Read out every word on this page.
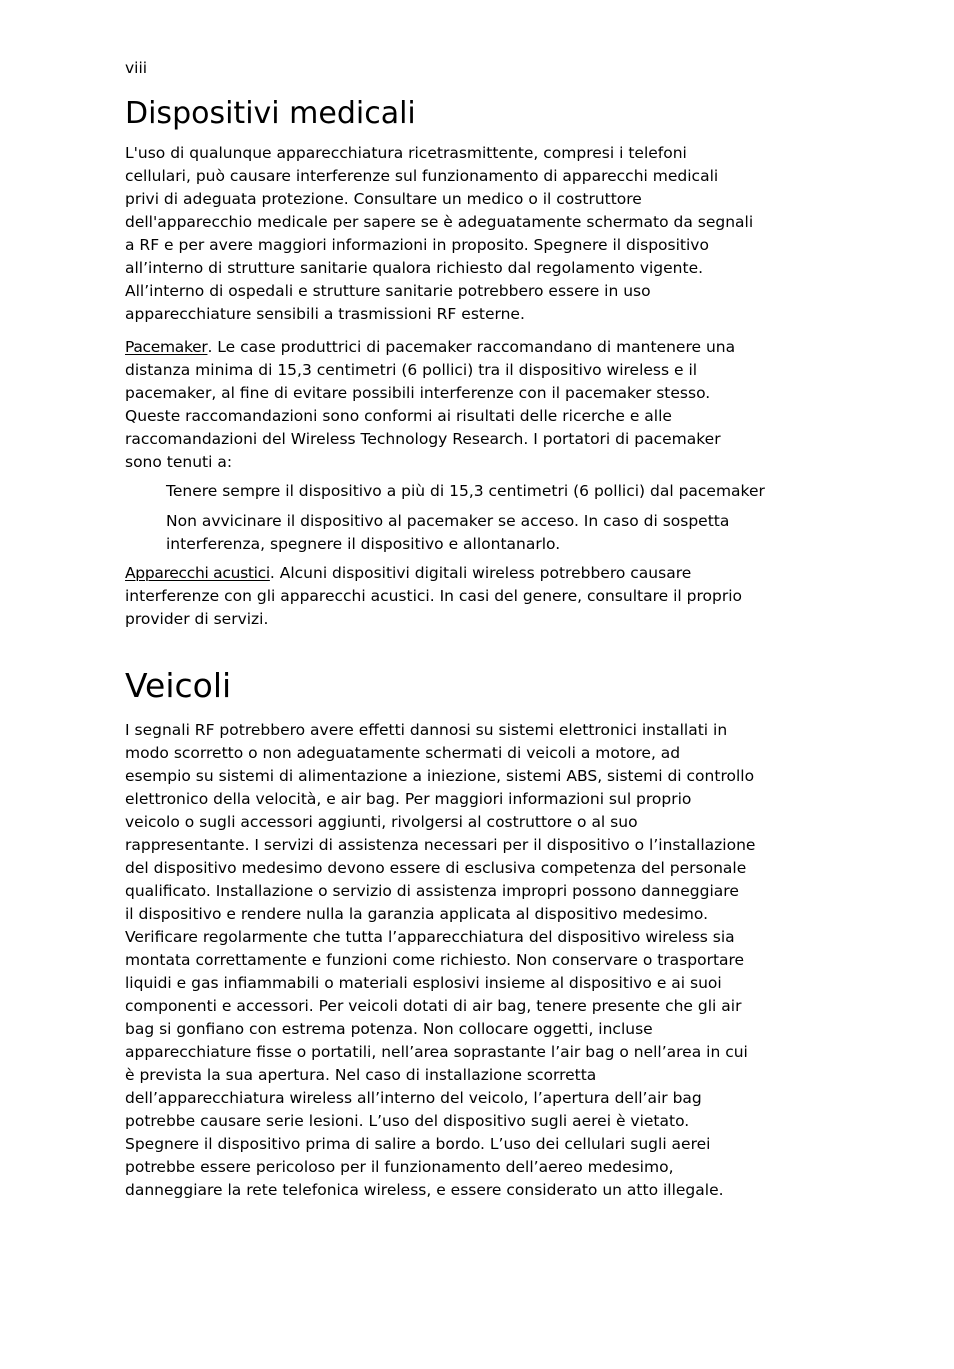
viii
Dispositivi medicali

L'uso di qualunque apparecchiatura ricetrasmittente, compresi i telefoni
cellulari, può causare interferenze sul funzionamento di apparecchi medicali
privi di adeguata protezione. Consultare un medico o il costruttore
dell'apparecchio medicale per sapere se è adeguatamente schermato da segnali
a RF e per avere maggiori informazioni in proposito. Spegnere il dispositivo
all’interno di strutture sanitarie qualora richiesto dal regolamento vigente.
All’interno di ospedali e strutture sanitarie potrebbero essere in uso
apparecchiature sensibili a trasmissioni RF esterne.

Pacemaker. Le case produttrici di pacemaker raccomandano di mantenere una
distanza minima di 15,3 centimetri (6 pollici) tra il dispositivo wireless e il
pacemaker, al fine di evitare possibili interferenze con il pacemaker stesso.
Queste raccomandazioni sono conformi ai risultati delle ricerche e alle
raccomandazioni del Wireless Technology Research. I portatori di pacemaker
sono tenuti a:

Tenere sempre il dispositivo a più di 15,3 centimetri (6 pollici) dal pacemaker
Non avvicinare il dispositivo al pacemaker se acceso. In caso di sospetta
interferenza, spegnere il dispositivo e allontanarlo.

Apparecchi acustici. Alcuni dispositivi digitali wireless potrebbero causare
interferenze con gli apparecchi acustici. In casi del genere, consultare il proprio
provider di servizi.

Veicoli

I segnali RF potrebbero avere effetti dannosi su sistemi elettronici installati in
modo scorretto o non adeguatamente schermati di veicoli a motore, ad
esempio su sistemi di alimentazione a iniezione, sistemi ABS, sistemi di controllo
elettronico della velocità, e air bag. Per maggiori informazioni sul proprio
veicolo o sugli accessori aggiunti, rivolgersi al costruttore o al suo
rappresentante. I servizi di assistenza necessari per il dispositivo o l’installazione
del dispositivo medesimo devono essere di esclusiva competenza del personale
qualificato. Installazione o servizio di assistenza impropri possono danneggiare
il dispositivo e rendere nulla la garanzia applicata al dispositivo medesimo.
Verificare regolarmente che tutta l’apparecchiatura del dispositivo wireless sia
montata correttamente e funzioni come richiesto. Non conservare o trasportare
liquidi e gas infiammabili o materiali esplosivi insieme al dispositivo e ai suoi
componenti e accessori. Per veicoli dotati di air bag, tenere presente che gli air
bag si gonfiano con estrema potenza. Non collocare oggetti, incluse
apparecchiature fisse o portatili, nell’area soprastante l’air bag o nell’area in cui
è prevista la sua apertura. Nel caso di installazione scorretta
dell’apparecchiatura wireless all’interno del veicolo, l’apertura dell’air bag
potrebbe causare serie lesioni. L’uso del dispositivo sugli aerei è vietato.
Spegnere il dispositivo prima di salire a bordo. L’uso dei cellulari sugli aerei
potrebbe essere pericoloso per il funzionamento dell’aereo medesimo,
danneggiare la rete telefonica wireless, e essere considerato un atto illegale.
